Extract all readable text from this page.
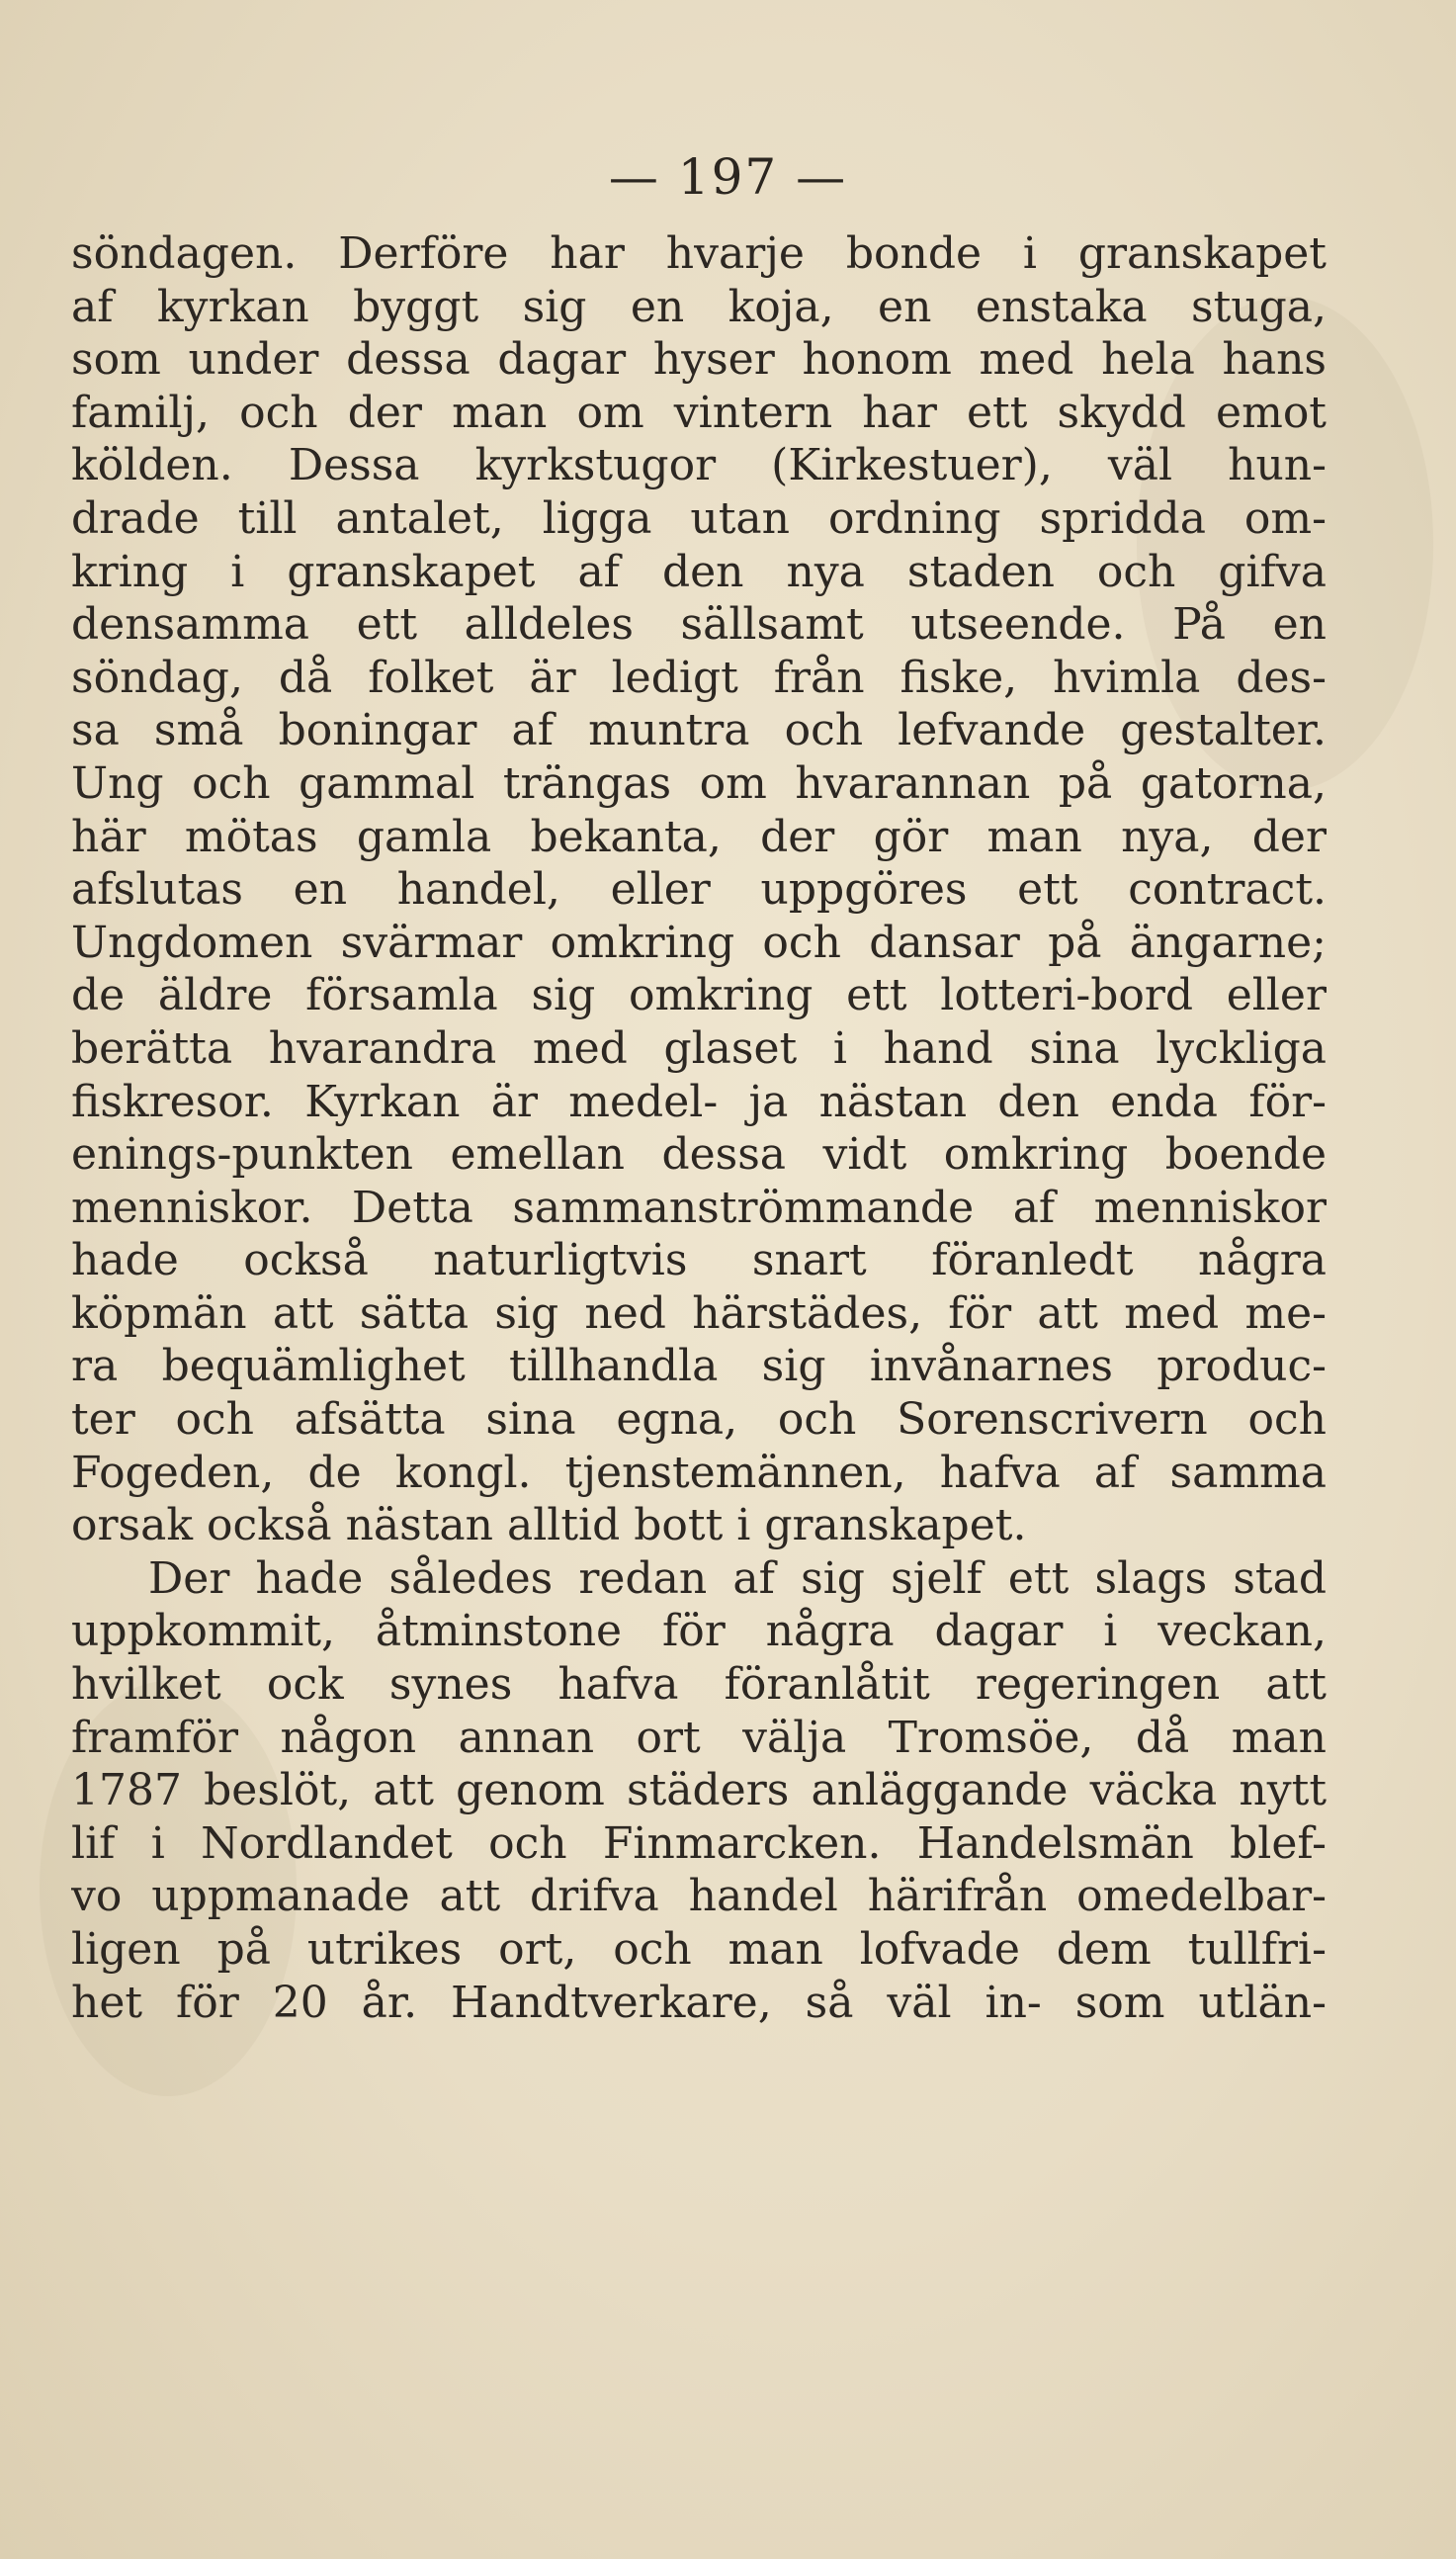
— 197 —
söndagen. Derföre har hvarje bonde i granskapet
af kyrkan byggt sig en koja, en enstaka stuga,
som under dessa dagar hyser honom med hela hans
familj, och der man om vintern har ett skydd emot
kölden. Dessa kyrkstugor (Kirkestuer), väl hun-
drade till antalet, ligga utan ordning spridda om-
kring i granskapet af den nya staden och gifva
densamma ett alldeles sällsamt utseende. På en
söndag, då folket är ledigt från fiske, hvimla des-
sa små boningar af muntra och lefvande gestalter.
Ung och gammal trängas om hvarannan på gatorna,
här mötas gamla bekanta, der gör man nya, der
afslutas en handel, eller uppgöres ett contract.
Ungdomen svärmar omkring och dansar på ängarne;
de äldre församla sig omkring ett lotteri-bord eller
berätta hvarandra med glaset i hand sina lyckliga
fiskresor. Kyrkan är medel- ja nästan den enda för-
enings-punkten emellan dessa vidt omkring boende
menniskor. Detta sammanströmmande af menniskor
hade också naturligtvis snart föranledt några
köpmän att sätta sig ned härstädes, för att med me-
ra bequämlighet tillhandla sig invånarnes produc-
ter och afsätta sina egna, och Sorenscrivern och
Fogeden, de kongl. tjenstemännen, hafva af samma
orsak också nästan alltid bott i granskapet.
Der hade således redan af sig sjelf ett slags stad
uppkommit, åtminstone för några dagar i veckan,
hvilket ock synes hafva föranlåtit regeringen att
framför någon annan ort välja Tromsöe, då man
1787 beslöt, att genom städers anläggande väcka nytt
lif i Nordlandet och Finmarcken. Handelsmän blef-
vo uppmanade att drifva handel härifrån omedelbar-
ligen på utrikes ort, och man lofvade dem tullfri-
het för 20 år. Handtverkare, så väl in- som utlän-
